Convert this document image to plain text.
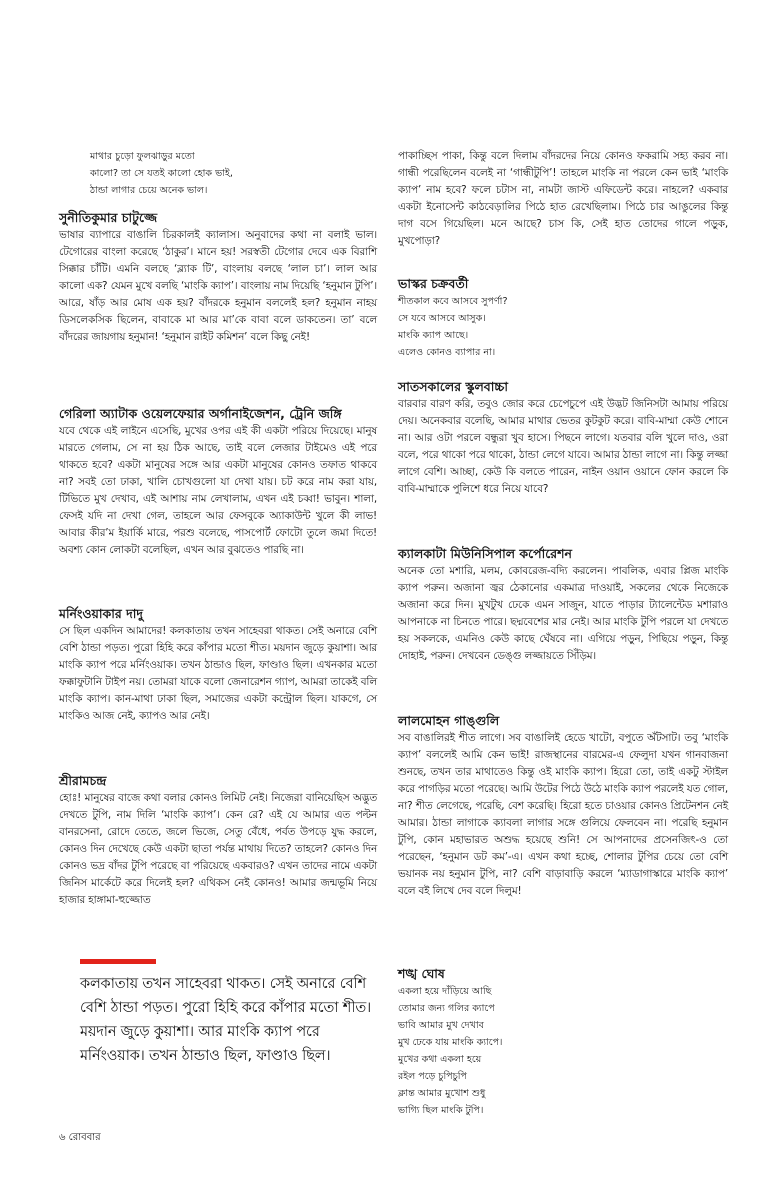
মাথার চুড়ো ফুলঝাড়ুর মতো

কালো? তা সে যতই কালো হোক ভাই,

ঠান্ডা লাগার চেয়ে অনেক ভাল।

সুনীতিকুমার চাটুজ্জে

ভাষার ব্যাপারে বাঙালি চিরকালই ক্যালাস। অনুবাদের কথা না বলাই ভাল। টেগোরের বাংলা করেছে ‘ঠাকুর’। মানে হয়! সরস্বতী টেগোর দেবে এক বিরাশি সিক্কার চাঁটি। এমনি বলছে ‘ব্ল্যাক টি’, বাংলায় বলছে ‘লাল চা’। লাল আর কালো এক? যেমন মুখে বলছি ‘মাংকি ক্যাপ’। বাংলায় নাম দিয়েছি ‘হনুমান টুপি’। আরে, ষাঁড় আর মোষ এক হয়? বাঁদরকে হনুমান বললেই হল? হনুমান নাহয় ডিসলেকসিক ছিলেন, বাবাকে মা আর মা’কে বাবা বলে ডাকতেন। তা’ বলে বাঁদরের জায়গায় হনুমান! ‘হনুমান রাইট কমিশন’ বলে কিছু নেই!

গেরিলা অ্যাটাক ওয়েলফেয়ার অর্গানাইজেশন, ট্রেনি জঙ্গি

যবে থেকে এই লাইনে এসেছি, মুখের ওপর এই কী একটা পরিয়ে দিয়েছে। মানুষ মারতে গেলাম, সে না হয় ঠিক আছে, তাই বলে লেজার টাইমেও এই পরে থাকতে হবে? একটা মানুষের সঙ্গে আর একটা মানুষের কোনও তফাত থাকবে না? সবই তো ঢাকা, খালি চোখগুলো যা দেখা যায়। চট করে নাম করা যায়, টিভিতে মুখ দেখাব, এই আশায় নাম লেখালাম, এখন এই চব্বা! ভাবুন। শালা, ফেসই যদি না দেখা গেল, তাহলে আর ফেসবুকে অ্যাকাউন্ট খুলে কী লাভ! আবার কীর’ম ইয়ার্কি মারে, পরশু বলেছে, পাসপোর্ট ফোটো তুলে জমা দিতে! অবশ্য কোন লোকটা বলেছিল, এখন আর বুঝতেও পারছি না।

মর্নিংওয়াকার দাদু

সে ছিল একদিন আমাদের! কলকাতায় তখন সাহেবরা থাকত। সেই অনারে বেশি বেশি ঠান্ডা পড়ত। পুরো হিহি করে কাঁপার মতো শীত। ময়দান জুড়ে কুয়াশা। আর মাংকি ক্যাপ পরে মর্নিংওয়াক। তখন ঠান্ডাও ছিল, ফাণ্ডাও ছিল। এখনকার মতো ফক্কাফুটানি টাইপ নয়। তোমরা যাকে বলো জেনারেশন গ্যাপ, আমরা তাকেই বলি মাংকি ক্যাপ। কান-মাথা ঢাকা ছিল, সমাজের একটা কন্ট্রোল ছিল। যাকগে, সে মাংকিও আজ নেই, ক্যাপও আর নেই।

শ্রীরামচন্দ্র

হোঃ! মানুষের বাজে কথা বলার কোনও লিমিট নেই। নিজেরা বানিয়েছিস অদ্ভুত দেখতে টুপি, নাম দিলি ‘মাংকি ক্যাপ’। কেন রে? এই যে আমার এত পল্টন বানরসেনা, রোদে তেতে, জলে ভিজে, সেতু বেঁধে, পর্বত উপড়ে যুদ্ধ করলে, কোনও দিন দেখেছে কেউ একটা ছাতা পর্যন্ত মাথায় দিতে? তাহলে? কোনও দিন কোনও ভদ্র বাঁদর টুপি পরেছে বা পরিয়েছে একবারও? এখন তাদের নামে একটা জিনিস মার্কেটে করে দিলেই হল? এথিকস নেই কোনও! আমার জন্মভূমি নিয়ে হাজার হাঙ্গামা-হুজ্জোত

কলকাতায় তখন সাহেবরা থাকত। সেই অনারে বেশি বেশি ঠান্ডা পড়ত। পুরো হিহি করে কাঁপার মতো শীত। ময়দান জুড়ে কুয়াশা। আর মাংকি ক্যাপ পরে মর্নিংওয়াক। তখন ঠান্ডাও ছিল, ফাণ্ডাও ছিল।

পাকাচ্ছিস পাকা, কিন্তু বলে দিলাম বাঁদরদের নিয়ে কোনও ফকরামি সহ্য করব না। গান্ধী পরেছিলেন বলেই না ‘গান্ধীটুপি’! তাহলে মাংকি না পরলে কেন ভাই ‘মাংকি ক্যাপ’ নাম হবে? ফলে চটাস না, নামটা জাস্ট এফিডেন্ট করে। নাহলে? একবার একটা ইনোসেন্ট কাঠবেড়ালির পিঠে হাত রেখেছিলাম। পিঠে চার আঙুলের কিন্তু দাগ বসে গিয়েছিল। মনে আছে? চাস কি, সেই হাত তোদের গালে পড়ুক, মুখপোড়া?

ভাস্কর চক্রবর্তী

শীতকাল কবে আসবে সুপর্ণা?

সে যবে আসবে আসুক।

মাংকি ক্যাপ আছে।

এলেও কোনও ব্যাপার না।

সাতসকালের স্কুলবাচ্চা

বারবার বারণ করি, তবুও জোর করে চেপেচুপে এই উদ্ভট জিনিসটা আমায় পরিয়ে দেয়। অনেকবার বলেছি, আমার মাথার ভেতর কুটকুট করে। বাবি-মাম্মা কেউ শোনে না। আর ওটা পরলে বন্ধুরা খুব হাসে। পিছনে লাগে। যতবার বলি খুলে দাও, ওরা বলে, পরে থাকো পরে থাকো, ঠান্ডা লেগে যাবে। আমার ঠান্ডা লাগে না। কিন্তু লজ্জা লাগে বেশি। আচ্ছা, কেউ কি বলতে পারেন, নাইন ওয়ান ওয়ানে ফোন করলে কি বাবি-মাম্মাকে পুলিশে ধরে নিয়ে যাবে?

ক্যালকাটা মিউনিসিপাল কর্পোরেশন

অনেক তো মশারি, মলম, কোবরেজ-বদ্যি করলেন। পাবলিক, এবার প্লিজ মাংকি ক্যাপ পরুন। অজানা জ্বর ঠেকানোর একমাত্র দাওয়াই, সকলের থেকে নিজেকে অজানা করে দিন। মুখটুখ ঢেকে এমন সাজুন, যাতে পাড়ার ট্যালেন্টেড মশারাও আপনাকে না চিনতে পারে। ছদ্মবেশের মার নেই। আর মাংকি টুপি পরলে যা দেখতে হয় সকলকে, এমনিও কেউ কাছে ঘেঁষবে না। এগিয়ে পড়ুন, পিছিয়ে পড়ুন, কিন্তু দোহাই, পরুন। দেখবেন ডেঙ্গু লজ্জায়তে সিঁড়িম।

লালমোহন গাঙ্গুলি

সব বাঙালিরই শীত লাগে। সব বাঙালিই হেডে খাটো, বপুতে অঁটসাট। তবু ‘মাংকি ক্যাপ’ বললেই আমি কেন ভাই! রাজস্থানের বারমের-এ ফেলুদা যখন গানবাজনা শুনছে, তখন তার মাথাতেও কিন্তু ওই মাংকি ক্যাপ। হিরো তো, তাই একটু স্টাইল করে পাগড়ির মতো পরেছে। আমি উটের পিঠে উঠে মাংকি ক্যাপ পরলেই যত গোল, না? শীত লেগেছে, পরেছি, বেশ করেছি। হিরো হতে চাওয়ার কোনও প্রিটেনশন নেই আমার। ঠান্ডা লাগাকে ক্যাবলা লাগার সঙ্গে গুলিয়ে ফেলবেন না। পরেছি হনুমান টুপি, কোন মহাভারত অশুদ্ধ হয়েছে শুনি! সে আপনাদের প্রসেনজিৎ-ও তো পরেছেন, ‘হনুমান ডট কম’-এ। এখন কথা হচ্ছে, শোলার টুপির চেয়ে তো বেশি ভয়ানক নয় হনুমান টুপি, না? বেশি বাড়াবাড়ি করলে ‘ম্যাডাগাস্কারে মাংকি ক্যাপ’ বলে বই লিখে দেব বলে দিলুম!

শঙ্খ ঘোষ

একলা হয়ে দাঁড়িয়ে আছি

তোমার জন্য গলির ক্যাপে

ভাবি আমার মুখ দেখাব

মুখ ঢেকে যায় মাংকি ক্যাপে।

মুখের কথা একলা হয়ে

রইল পড়ে চুপিচুপি

ক্লান্ত আমার মুখোশ শুধু

ভাগ্যি ছিল মাংকি টুপি।

৬ রোববার
